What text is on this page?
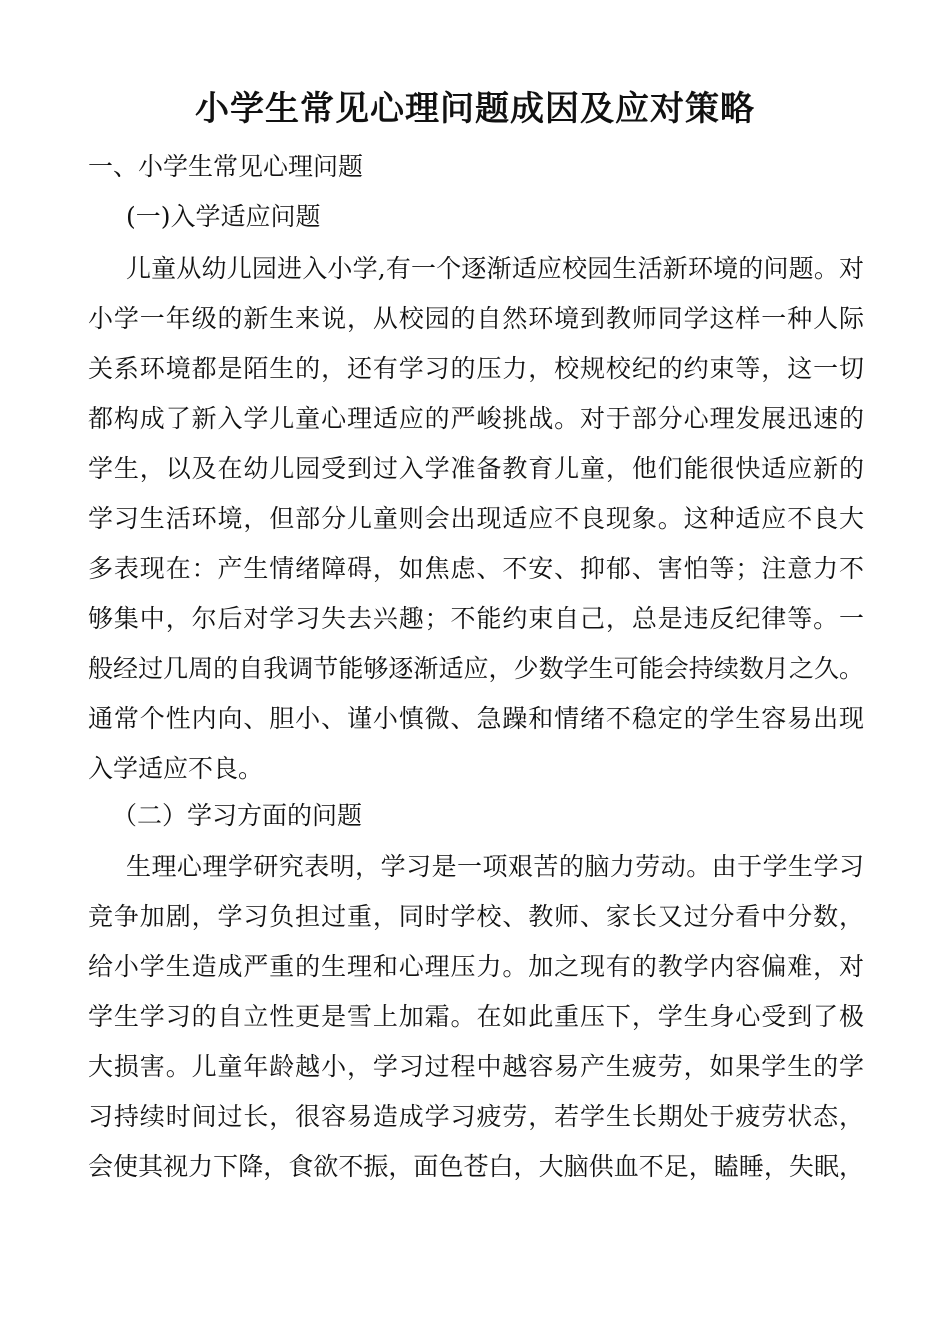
小学生常见心理问题成因及应对策略
一、小学生常见心理问题
(一)入学适应问题
儿童从幼儿园进入小学,有一个逐渐适应校园生活新环境的问题。对
小学一年级的新生来说，从校园的自然环境到教师同学这样一种人际
关系环境都是陌生的，还有学习的压力，校规校纪的约束等，这一切
都构成了新入学儿童心理适应的严峻挑战。对于部分心理发展迅速的
学生，以及在幼儿园受到过入学准备教育儿童，他们能很快适应新的
学习生活环境，但部分儿童则会出现适应不良现象。这种适应不良大
多表现在：产生情绪障碍，如焦虑、不安、抑郁、害怕等；注意力不
够集中，尔后对学习失去兴趣；不能约束自己，总是违反纪律等。一
般经过几周的自我调节能够逐渐适应，少数学生可能会持续数月之久。
通常个性内向、胆小、谨小慎微、急躁和情绪不稳定的学生容易出现
入学适应不良。
（二）学习方面的问题
生理心理学研究表明，学习是一项艰苦的脑力劳动。由于学生学习
竞争加剧，学习负担过重，同时学校、教师、家长又过分看中分数，
给小学生造成严重的生理和心理压力。加之现有的教学内容偏难，对
学生学习的自立性更是雪上加霜。在如此重压下，学生身心受到了极
大损害。儿童年龄越小，学习过程中越容易产生疲劳，如果学生的学
习持续时间过长，很容易造成学习疲劳，若学生长期处于疲劳状态，
会使其视力下降，食欲不振，面色苍白，大脑供血不足，瞌睡，失眠，
